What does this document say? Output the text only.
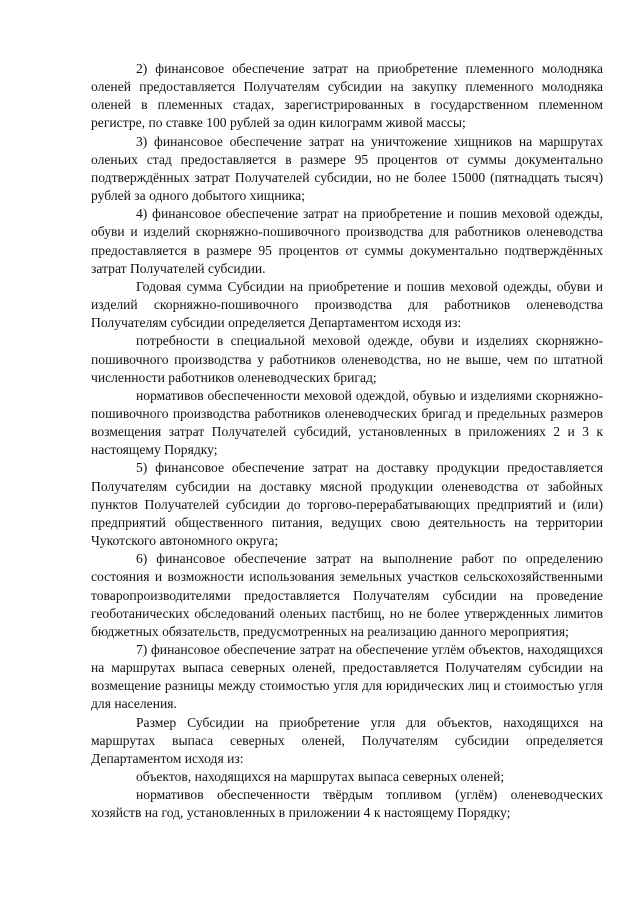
2) финансовое обеспечение затрат на приобретение племенного молодняка оленей предоставляется Получателям субсидии на закупку племенного молодняка оленей в племенных стадах, зарегистрированных в государственном племенном регистре, по ставке 100 рублей за один килограмм живой массы;

3) финансовое обеспечение затрат на уничтожение хищников на маршрутах оленьих стад предоставляется в размере 95 процентов от суммы документально подтверждённых затрат Получателей субсидии, но не более 15000 (пятнадцать тысяч) рублей за одного добытого хищника;

4) финансовое обеспечение затрат на приобретение и пошив меховой одежды, обуви и изделий скорняжно-пошивочного производства для работников оленеводства предоставляется в размере 95 процентов от суммы документально подтверждённых затрат Получателей субсидии.

Годовая сумма Субсидии на приобретение и пошив меховой одежды, обуви и изделий скорняжно-пошивочного производства для работников оленеводства Получателям субсидии определяется Департаментом исходя из:

потребности в специальной меховой одежде, обуви и изделиях скорняжно-пошивочного производства у работников оленеводства, но не выше, чем по штатной численности работников оленеводческих бригад;

нормативов обеспеченности меховой одеждой, обувью и изделиями скорняжно-пошивочного производства работников оленеводческих бригад и предельных размеров возмещения затрат Получателей субсидий, установленных в приложениях 2 и 3 к настоящему Порядку;

5) финансовое обеспечение затрат на доставку продукции предоставляется Получателям субсидии на доставку мясной продукции оленеводства от забойных пунктов Получателей субсидии до торгово-перерабатывающих предприятий и (или) предприятий общественного питания, ведущих свою деятельность на территории Чукотского автономного округа;

6) финансовое обеспечение затрат на выполнение работ по определению состояния и возможности использования земельных участков сельскохозяйственными товаропроизводителями предоставляется Получателям субсидии на проведение геоботанических обследований оленьих пастбищ, но не более утвержденных лимитов бюджетных обязательств, предусмотренных на реализацию данного мероприятия;

7) финансовое обеспечение затрат на обеспечение углём объектов, находящихся на маршрутах выпаса северных оленей, предоставляется Получателям субсидии на возмещение разницы между стоимостью угля для юридических лиц и стоимостью угля для населения.

Размер Субсидии на приобретение угля для объектов, находящихся на маршрутах выпаса северных оленей, Получателям субсидии определяется Департаментом исходя из:

объектов, находящихся на маршрутах выпаса северных оленей;

нормативов обеспеченности твёрдым топливом (углём) оленеводческих хозяйств на год, установленных в приложении 4 к настоящему Порядку;
